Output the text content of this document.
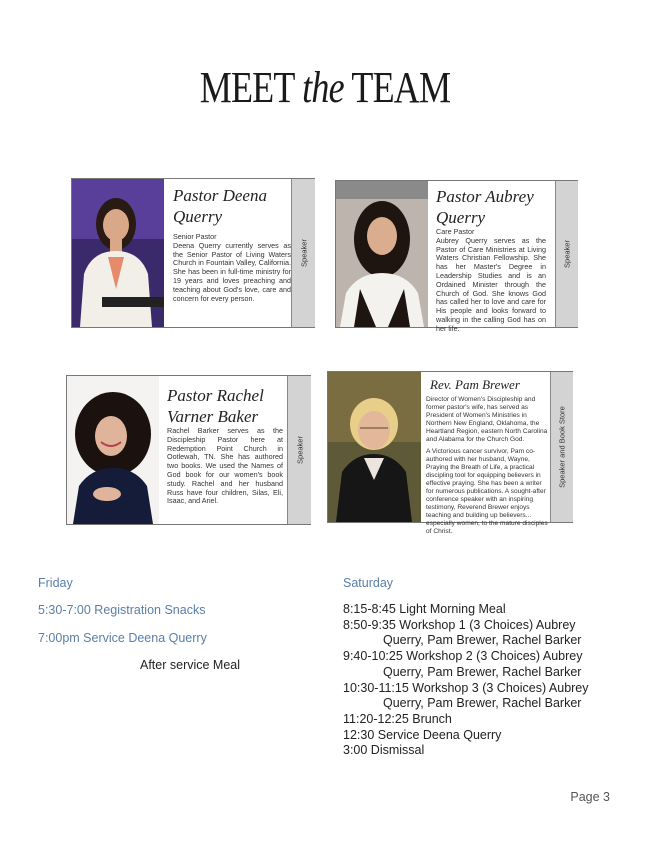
MEET the TEAM
Pastor Deena
Querry
Senior Pastor
Deena Querry currently serves as the Senior Pastor of Living Waters Church in Fountain Valley, California. She has been in full-time ministry for 19 years and loves preaching and teaching about God's love, care and concern for every person.
Speaker
Pastor Aubrey
Querry
Care Pastor
Aubrey Querry serves as the Pastor of Care Ministries at Living Waters Christian Fellowship. She has her Master's Degree in Leadership Studies and is an Ordained Minister through the Church of God. She knows God has called her to love and care for His people and looks forward to walking in the calling God has on her life.
Speaker
Pastor Rachel
Varner Baker
Rachel Barker serves as the Discipleship Pastor here at Redemption Point Church in Ootlewah, TN. She has authored two books. We used the Names of God book for our women's book study. Rachel and her husband Russ have four children, Silas, Eli, Isaac, and Ariel.
Speaker
Rev. Pam Brewer
Director of Women's Discipleship and former pastor's wife, has served as President of Women's Ministries in Northern New England, Oklahoma, the Heartland Region, eastern North Carolina and Alabama for the Church God.
A Victorious cancer survivor, Pam co-authored with her husband, Wayne, Praying the Breath of Life, a practical discipling tool for equipping believers in effective praying. She has been a writer for numerous publications. A sought-after conference speaker with an inspiring testimony, Reverend Brewer enjoys teaching and building up believers... especially women, to the mature disciples of Christ.
Speaker and Book Store
Friday
5:30-7:00 Registration Snacks
7:00pm Service Deena Querry
After service Meal
Saturday
8:15-8:45 Light Morning Meal
8:50-9:35 Workshop 1 (3 Choices) Aubrey
Querry, Pam Brewer, Rachel Barker
9:40-10:25 Workshop 2 (3 Choices) Aubrey
Querry, Pam Brewer, Rachel Barker
10:30-11:15 Workshop 3 (3 Choices) Aubrey
Querry, Pam Brewer, Rachel Barker
11:20-12:25 Brunch
12:30 Service Deena Querry
3:00 Dismissal
Page 3
